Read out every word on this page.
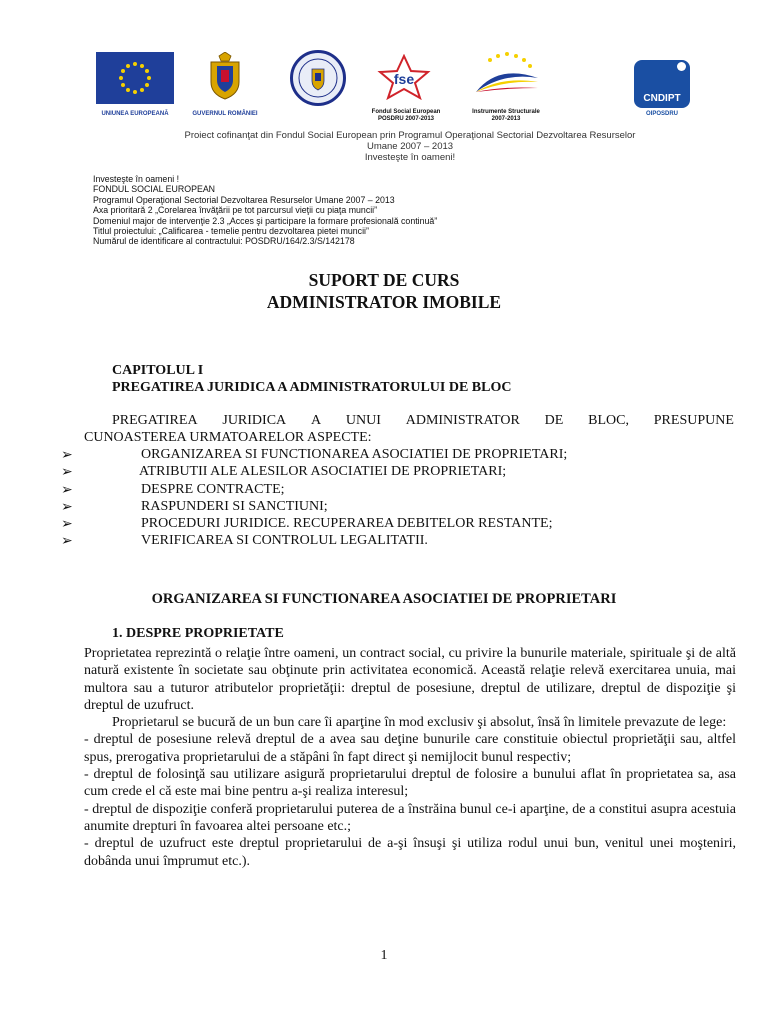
UNIUNEA EUROPEANĂ	GUVERNUL ROMÂNIEI
fse
Fondul Social European
POSDRU 2007-2013
Instrumente Structurale
2007-2013
CNDIPT
OIPOSDRU
Proiect cofinanţat din Fondul Social European prin Programul Operaţional Sectorial Dezvoltarea Resurselor
Umane 2007 – 2013
Investeşte în oameni!
Investeşte în oameni !
FONDUL SOCIAL EUROPEAN
Programul Operaţional Sectorial Dezvoltarea Resurselor Umane 2007 – 2013
Axa prioritară 2 „Corelarea învăţării pe tot parcursul vieţii cu piaţa muncii”
Domeniul major de intervenţie 2.3 „Acces şi participare la formare profesională continuă”
Titlul proiectului: „Calificarea - temelie pentru dezvoltarea pietei muncii”
Numărul de identificare al contractului: POSDRU/164/2.3/S/142178
SUPORT DE CURS
ADMINISTRATOR IMOBILE
CAPITOLUL I
PREGATIREA JURIDICA A ADMINISTRATORULUI DE BLOC
PREGATIREA JURIDICA A UNUI ADMINISTRATOR DE BLOC, PRESUPUNE
CUNOASTEREA URMATOARELOR ASPECTE:
➢	ORGANIZAREA SI FUNCTIONAREA ASOCIATIEI DE PROPRIETARI;
➢	ATRIBUTII ALE ALESILOR ASOCIATIEI DE PROPRIETARI;
➢	DESPRE CONTRACTE;
➢	RASPUNDERI SI SANCTIUNI;
➢	PROCEDURI JURIDICE. RECUPERAREA DEBITELOR RESTANTE;
➢	VERIFICAREA SI CONTROLUL LEGALITATII.
ORGANIZAREA SI FUNCTIONAREA ASOCIATIEI DE PROPRIETARI
1. DESPRE PROPRIETATE

Proprietatea reprezintă o relaţie între oameni, un contract social, cu privire la bunurile materiale, spirituale şi de altă natură existente în societate sau obţinute prin activitatea economică. Această relaţie relevă exercitarea unuia, mai multora sau a tuturor atributelor proprietăţii: dreptul de posesiune, dreptul de utilizare, dreptul de dispoziţie şi dreptul de uzufruct.

Proprietarul se bucură de un bun care îi aparţine în mod exclusiv şi absolut, însă în limitele prevazute de lege:

- dreptul de posesiune relevă dreptul de a avea sau deţine bunurile care constituie obiectul proprietăţii sau, altfel spus, prerogativa proprietarului de a stăpâni în fapt direct şi nemijlocit bunul respectiv;

- dreptul de folosinţă sau utilizare asigură proprietarului dreptul de folosire a bunului aflat în proprietatea sa, asa cum crede el că este mai bine pentru a-şi realiza interesul;

- dreptul de dispoziţie conferă proprietarului puterea de a înstrăina bunul ce-i aparţine, de a constitui asupra acestuia anumite drepturi în favoarea altei persoane etc.;

- dreptul de uzufruct este dreptul proprietarului de a-şi însuşi şi utiliza rodul unui bun, venitul unei moşteniri, dobânda unui împrumut etc.).

1
